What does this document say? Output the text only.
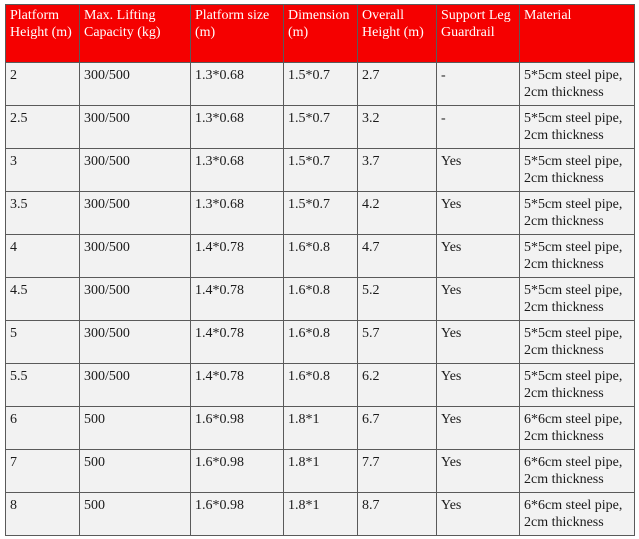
Platform Height (m)	Max. Lifting Capacity (kg)	Platform size (m)	Dimension (m)	Overall Height (m)	Support Leg Guardrail	Material
2	300/500	1.3*0.68	1.5*0.7	2.7	-	5*5cm steel pipe, 2cm thickness
2.5	300/500	1.3*0.68	1.5*0.7	3.2	-	5*5cm steel pipe, 2cm thickness
3	300/500	1.3*0.68	1.5*0.7	3.7	Yes	5*5cm steel pipe, 2cm thickness
3.5	300/500	1.3*0.68	1.5*0.7	4.2	Yes	5*5cm steel pipe, 2cm thickness
4	300/500	1.4*0.78	1.6*0.8	4.7	Yes	5*5cm steel pipe, 2cm thickness
4.5	300/500	1.4*0.78	1.6*0.8	5.2	Yes	5*5cm steel pipe, 2cm thickness
5	300/500	1.4*0.78	1.6*0.8	5.7	Yes	5*5cm steel pipe, 2cm thickness
5.5	300/500	1.4*0.78	1.6*0.8	6.2	Yes	5*5cm steel pipe, 2cm thickness
6	500	1.6*0.98	1.8*1	6.7	Yes	6*6cm steel pipe, 2cm thickness
7	500	1.6*0.98	1.8*1	7.7	Yes	6*6cm steel pipe, 2cm thickness
8	500	1.6*0.98	1.8*1	8.7	Yes	6*6cm steel pipe, 2cm thickness
